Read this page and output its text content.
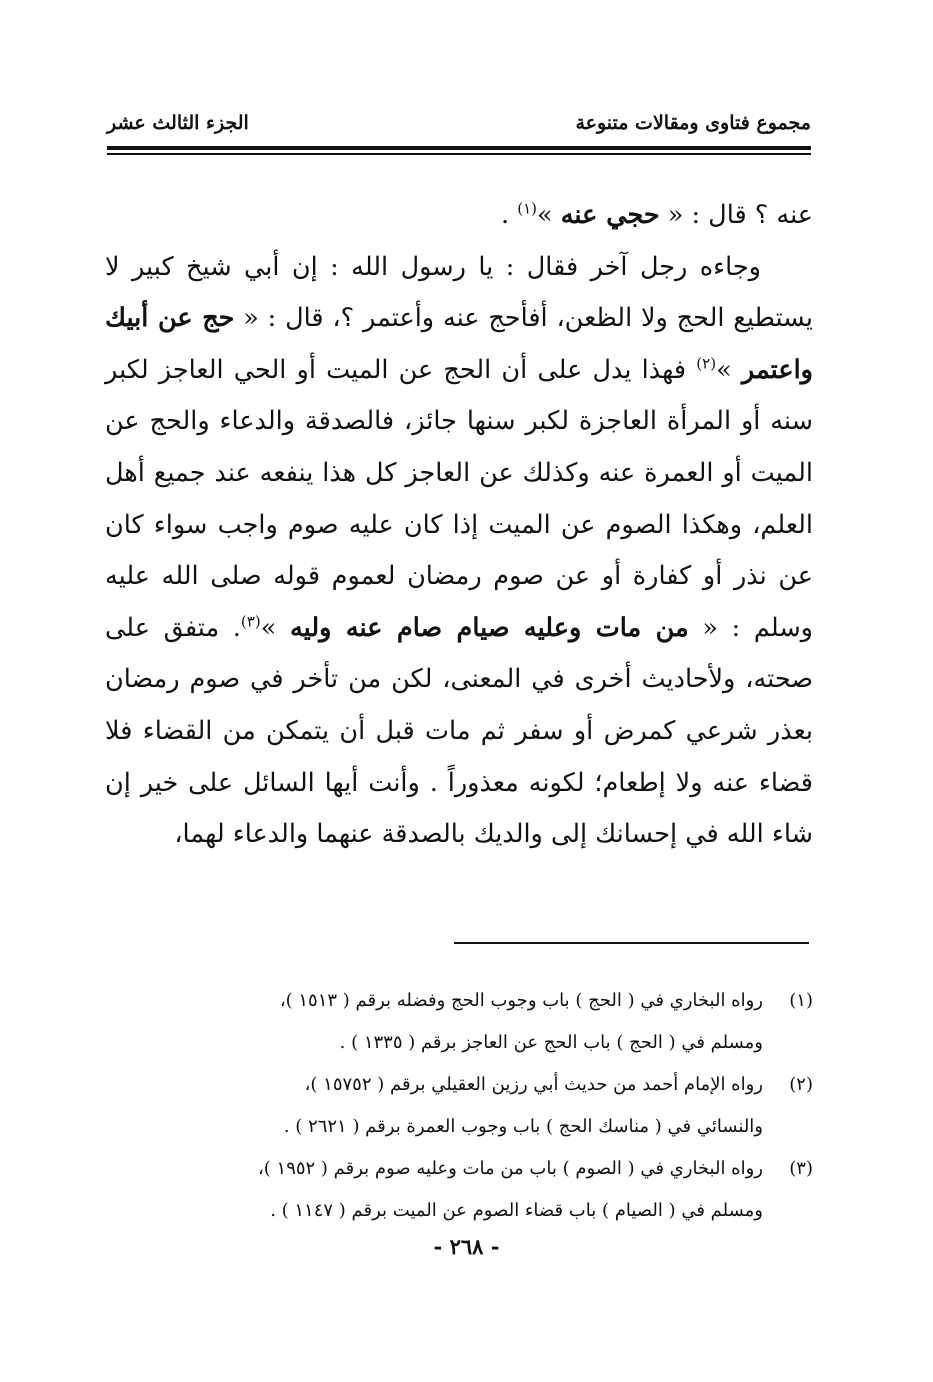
مجموع فتاوى ومقالات متنوعة
الجزء الثالث عشر

عنه ؟ قال : « حجي عنه »$^{(١)}$ .

وجاءه رجل آخر فقال : يا رسول الله : إن أبي شيخ كبير لا يستطيع الحج ولا الظعن، أفأحج عنه وأعتمر ؟، قال : « حج عن أبيك واعتمر »$^{(٢)}$ فهذا يدل على أن الحج عن الميت أو الحي العاجز لكبر سنه أو المرأة العاجزة لكبر سنها جائز، فالصدقة والدعاء والحج عن الميت أو العمرة عنه وكذلك عن العاجز كل هذا ينفعه عند جميع أهل العلم، وهكذا الصوم عن الميت إذا كان عليه صوم واجب سواء كان عن نذر أو كفارة أو عن صوم رمضان لعموم قوله صلى الله عليه وسلم : « من مات وعليه صيام صام عنه وليه »$^{(٣)}$. متفق على صحته، ولأحاديث أخرى في المعنى، لكن من تأخر في صوم رمضان بعذر شرعي كمرض أو سفر ثم مات قبل أن يتمكن من القضاء فلا قضاء عنه ولا إطعام؛ لكونه معذوراً . وأنت أيها السائل على خير إن شاء الله في إحسانك إلى والديك بالصدقة عنهما والدعاء لهما،

(١)
رواه البخاري في ( الحج ) باب وجوب الحج وفضله برقم ( ١٥١٣ )،
ومسلم في ( الحج ) باب الحج عن العاجز برقم ( ١٣٣٥ ) .
(٢)
رواه الإمام أحمد من حديث أبي رزين العقيلي برقم ( ١٥٧٥٢ )،
والنسائي في ( مناسك الحج ) باب وجوب العمرة برقم ( ٢٦٢١ ) .
(٣)
رواه البخاري في ( الصوم ) باب من مات وعليه صوم برقم ( ١٩٥٢ )،
ومسلم في ( الصيام ) باب قضاء الصوم عن الميت برقم ( ١١٤٧ ) .
- ٢٦٨ -
